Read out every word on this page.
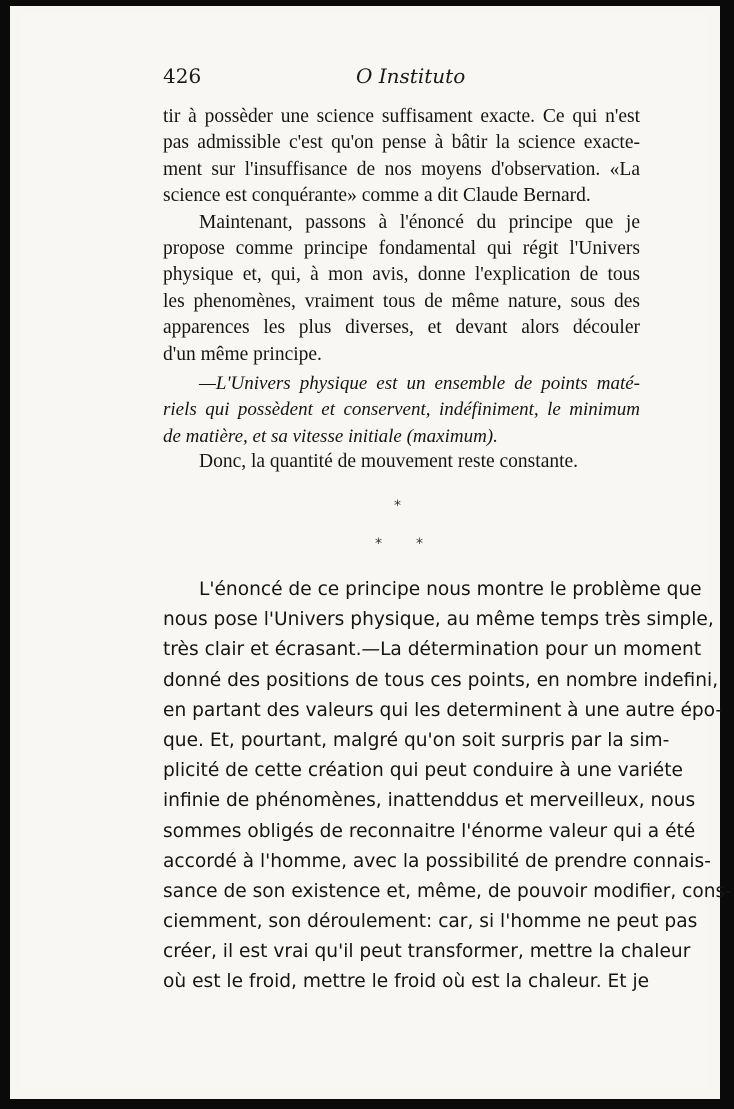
426	O Instituto
tir à possèder une science suffisament exacte. Ce qui n'est
pas admissible c'est qu'on pense à bâtir la science exacte-
ment sur l'insuffisance de nos moyens d'observation. «La
science est conquérante» comme a dit Claude Bernard.
Maintenant, passons à l'énoncé du principe que je
propose comme principe fondamental qui régit l'Univers
physique et, qui, à mon avis, donne l'explication de tous
les phenomènes, vraiment tous de même nature, sous des
apparences les plus diverses, et devant alors découler
d'un même principe.
—L'Univers physique est un ensemble de points maté-
riels qui possèdent et conservent, indéfiniment, le minimum
de matière, et sa vitesse initiale (maximum).
Donc, la quantité de mouvement reste constante.
*
* *
L'énoncé de ce principe nous montre le problème que
nous pose l'Univers physique, au même temps très simple,
très clair et écrasant.—La détermination pour un moment
donné des positions de tous ces points, en nombre indefini,
en partant des valeurs qui les determinent à une autre épo-
que. Et, pourtant, malgré qu'on soit surpris par la sim-
plicité de cette création qui peut conduire à une variéte
infinie de phénomènes, inattenddus et merveilleux, nous
sommes obligés de reconnaitre l'énorme valeur qui a été
accordé à l'homme, avec la possibilité de prendre connais-
sance de son existence et, même, de pouvoir modifier, cons-
ciemment, son déroulement: car, si l'homme ne peut pas
créer, il est vrai qu'il peut transformer, mettre la chaleur
où est le froid, mettre le froid où est la chaleur. Et je
